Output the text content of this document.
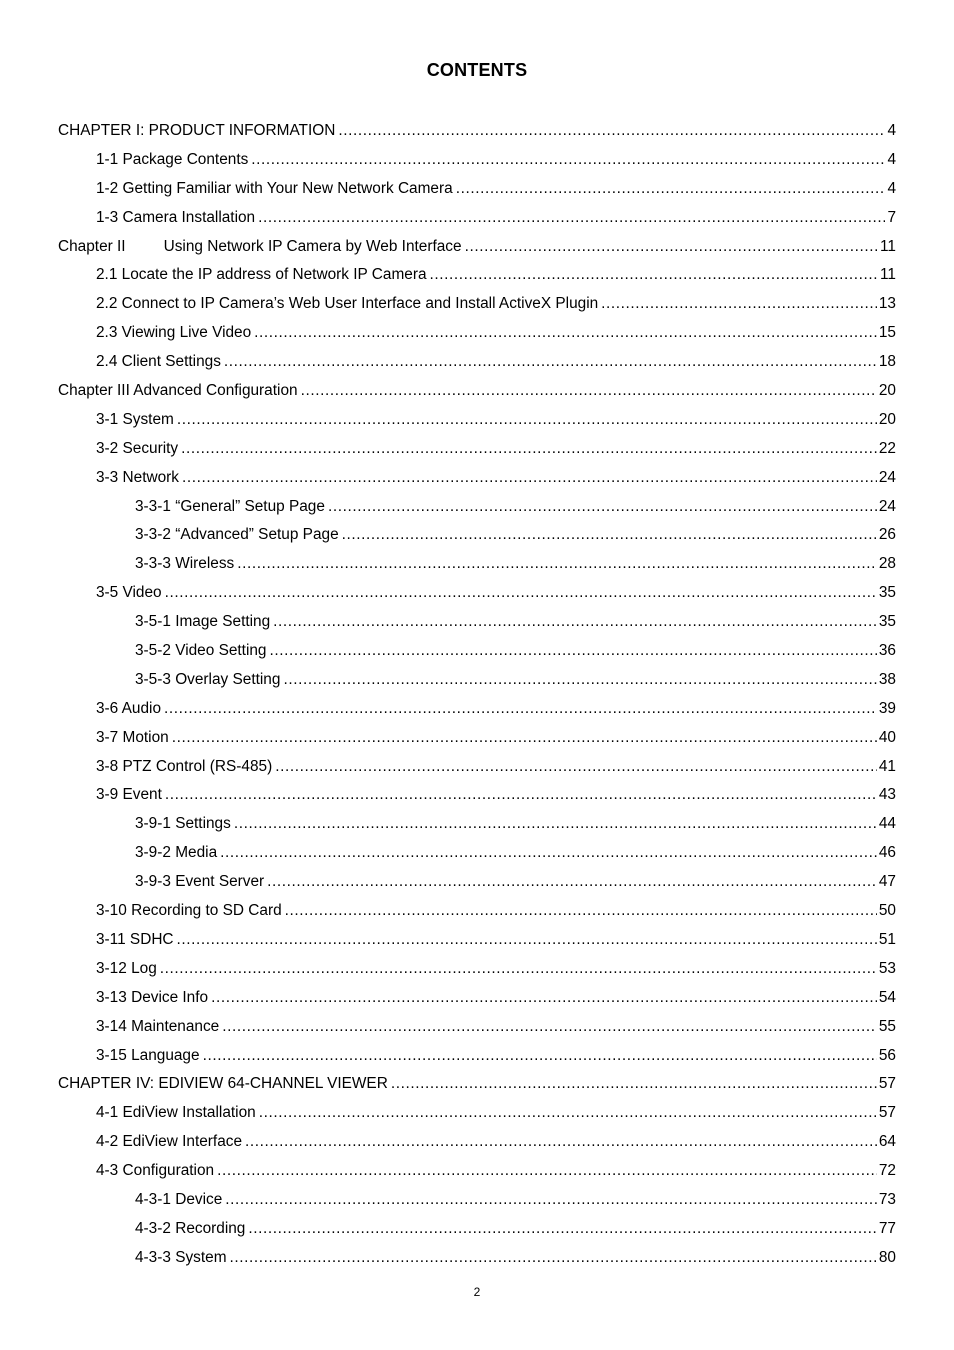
CONTENTS
CHAPTER I: PRODUCT INFORMATION .....	4
1-1 Package Contents .....	4
1-2 Getting Familiar with Your New Network Camera .....	4
1-3 Camera Installation .....	7
Chapter II Using Network IP Camera by Web Interface .....	11
2.1 Locate the IP address of Network IP Camera .....	11
2.2 Connect to IP Camera’s Web User Interface and Install ActiveX Plugin .....	13
2.3 Viewing Live Video .....	15
2.4 Client Settings .....	18
Chapter III Advanced Configuration .....	20
3-1 System .....	20
3-2 Security .....	22
3-3 Network .....	24
3-3-1 “General” Setup Page .....	24
3-3-2 “Advanced” Setup Page .....	26
3-3-3 Wireless .....	28
3-5 Video .....	35
3-5-1 Image Setting .....	35
3-5-2 Video Setting .....	36
3-5-3 Overlay Setting .....	38
3-6 Audio .....	39
3-7 Motion .....	40
3-8 PTZ Control (RS-485) .....	41
3-9 Event .....	43
3-9-1 Settings .....	44
3-9-2 Media .....	46
3-9-3 Event Server .....	47
3-10 Recording to SD Card .....	50
3-11 SDHC .....	51
3-12 Log .....	53
3-13 Device Info .....	54
3-14 Maintenance .....	55
3-15 Language .....	56
CHAPTER IV: EDIVIEW 64-CHANNEL VIEWER .....	57
4-1 EdiView Installation .....	57
4-2 EdiView Interface .....	64
4-3 Configuration .....	72
4-3-1 Device .....	73
4-3-2 Recording .....	77
4-3-3 System .....	80
2
